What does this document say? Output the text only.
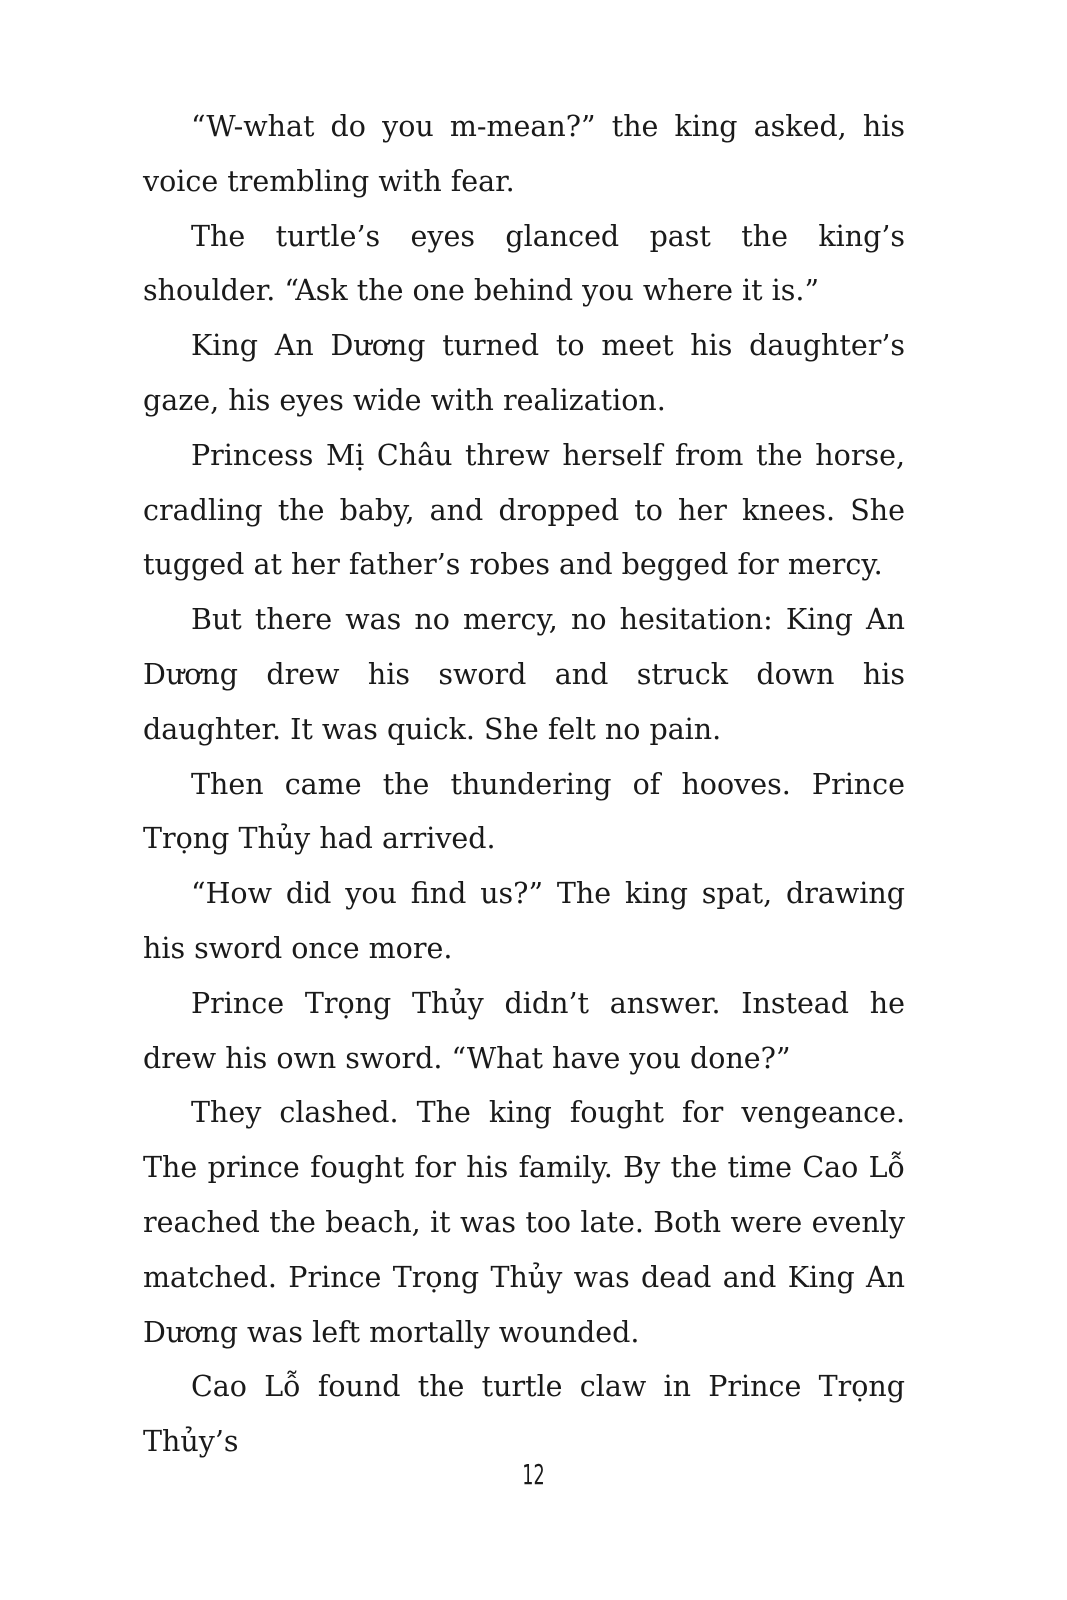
“W-what do you m-mean?” the king asked, his voice trembling with fear.

The turtle’s eyes glanced past the king’s shoulder. “Ask the one behind you where it is.”

King An Dương turned to meet his daughter’s gaze, his eyes wide with realization.

Princess Mị Châu threw herself from the horse, cradling the baby, and dropped to her knees. She tugged at her father’s robes and begged for mercy.

But there was no mercy, no hesitation: King An Dương drew his sword and struck down his daughter. It was quick. She felt no pain.

Then came the thundering of hooves. Prince Trọng Thủy had arrived.

“How did you find us?” The king spat, drawing his sword once more.

Prince Trọng Thủy didn’t answer. Instead he drew his own sword. “What have you done?”

They clashed. The king fought for vengeance. The prince fought for his family. By the time Cao Lỗ reached the beach, it was too late. Both were evenly matched. Prince Trọng Thủy was dead and King An Dương was left mortally wounded.

Cao Lỗ found the turtle claw in Prince Trọng Thủy’s

12
